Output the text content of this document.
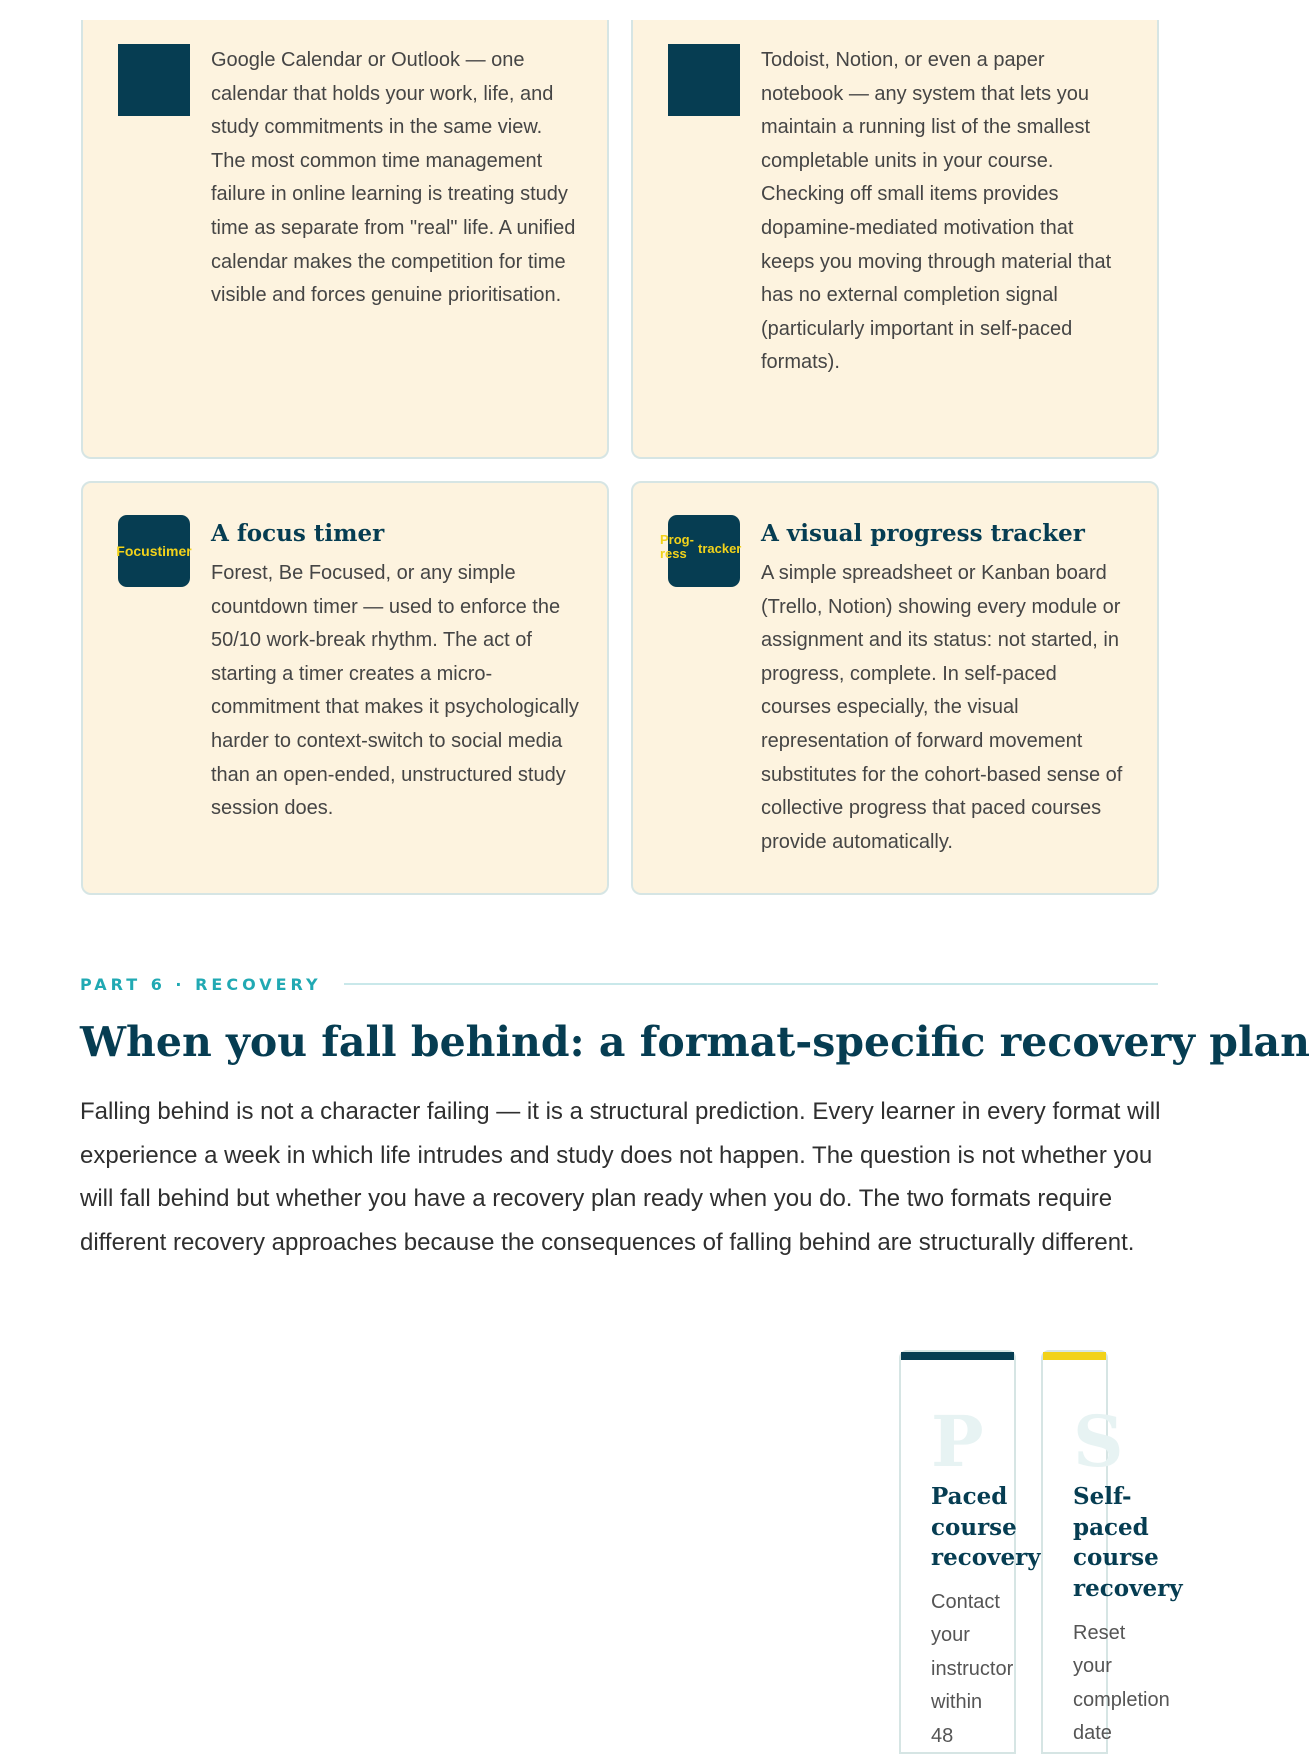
Google Calendar or Outlook — one calendar that holds your work, life, and study commitments in the same view. The most common time management failure in online learning is treating study time as separate from "real" life. A unified calendar makes the competition for time visible and forces genuine prioritisation.

Todoist, Notion, or even a paper notebook — any system that lets you maintain a running list of the smallest completable units in your course. Checking off small items provides dopamine-mediated motivation that keeps you moving through material that has no external completion signal (particularly important in self-paced formats).

Focustimer
A focus timer

Forest, Be Focused, or any simple countdown timer — used to enforce the 50/10 work-break rhythm. The act of starting a timer creates a micro-commitment that makes it psychologically harder to context-switch to social media than an open-ended, unstructured study session does.

Prog-
ress tracker
A visual progress tracker

A simple spreadsheet or Kanban board (Trello, Notion) showing every module or assignment and its status: not started, in progress, complete. In self-paced courses especially, the visual representation of forward movement substitutes for the cohort-based sense of collective progress that paced courses provide automatically.

PART 6 · RECOVERY
When you fall behind: a format-specific recovery plan

Falling behind is not a character failing — it is a structural prediction. Every learner in every format will experience a week in which life intrudes and study does not happen. The question is not whether you will fall behind but whether you have a recovery plan ready when you do. The two formats require different recovery approaches because the consequences of falling behind are structurally different.

P
Paced
course
recovery

Contact
your
instructor
within
48

S
Self-
paced
course
recovery

Reset
your
completion
date
